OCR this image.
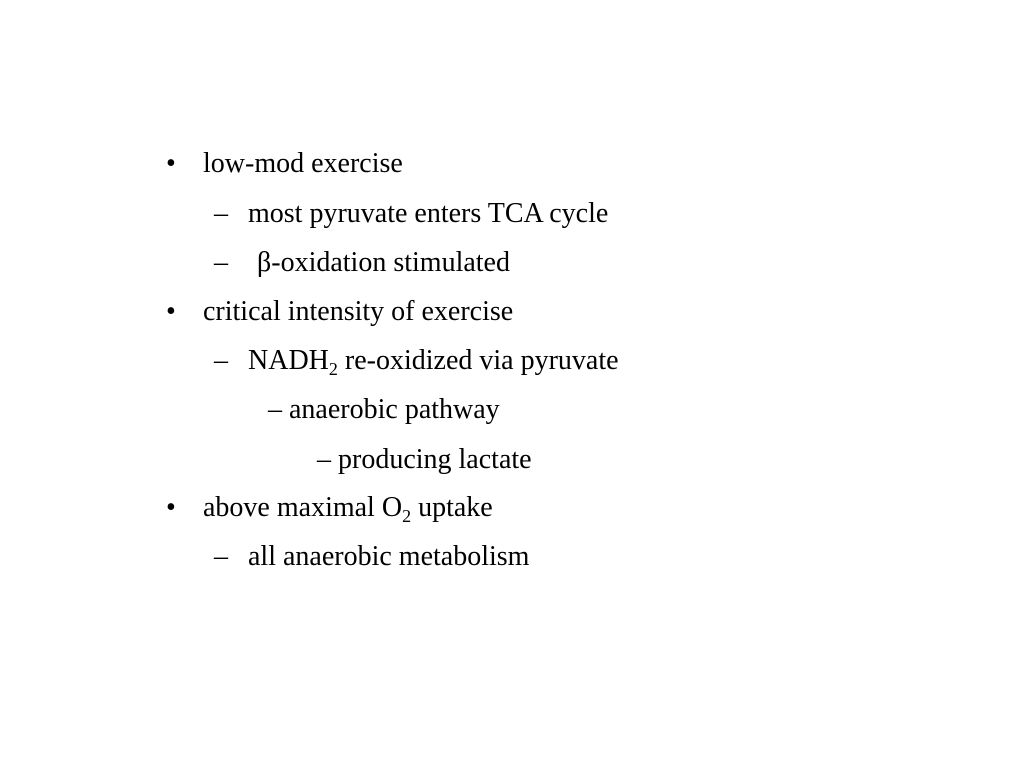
• low-mod exercise
– most pyruvate enters TCA cycle
– β-oxidation stimulated
• critical intensity of exercise
– $NADH_2$ re-oxidized via pyruvate
– anaerobic pathway
– producing lactate
• above maximal $O_2$ uptake
– all anaerobic metabolism
